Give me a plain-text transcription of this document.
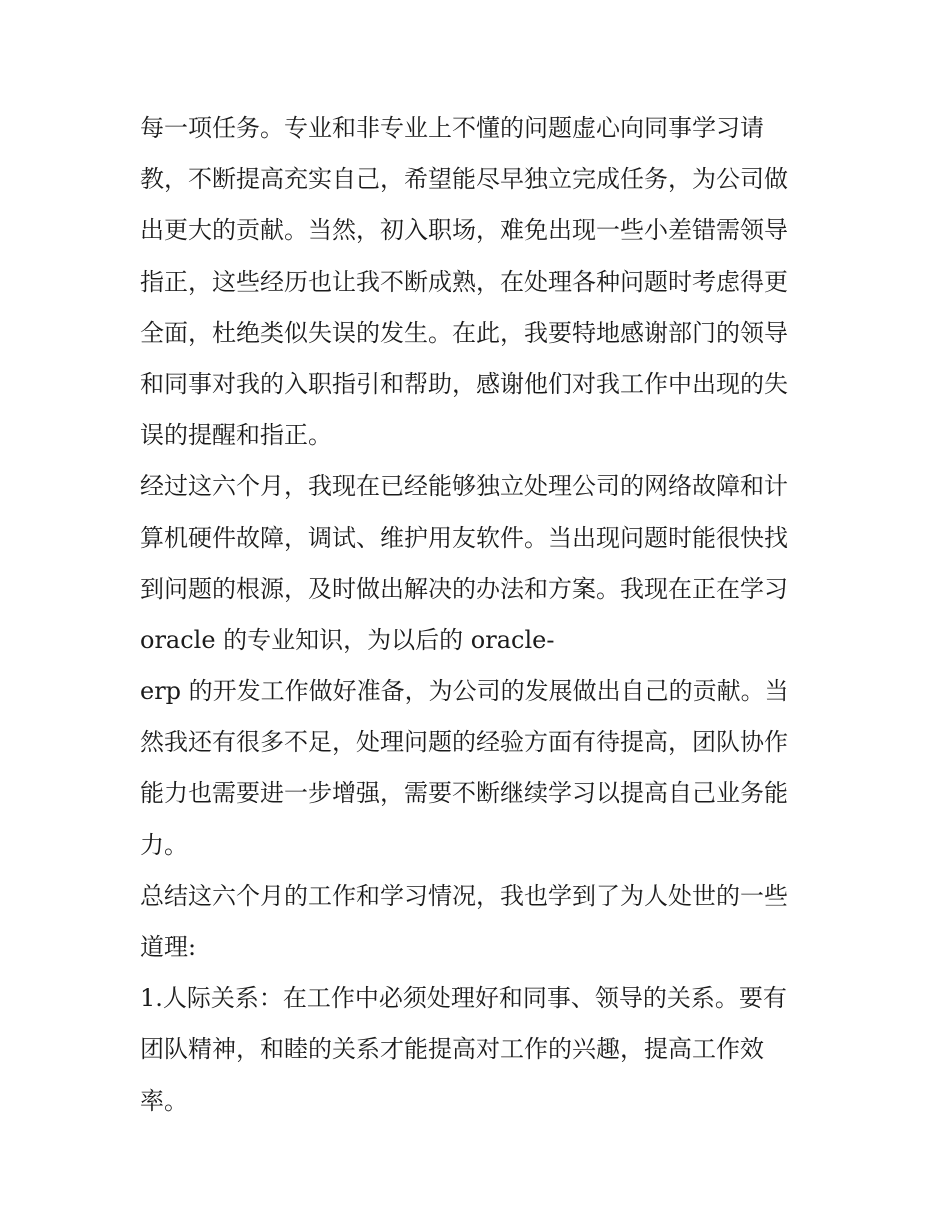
每一项任务。专业和非专业上不懂的问题虚心向同事学习请
教，不断提高充实自己，希望能尽早独立完成任务，为公司做
出更大的贡献。当然，初入职场，难免出现一些小差错需领导
指正，这些经历也让我不断成熟，在处理各种问题时考虑得更
全面，杜绝类似失误的发生。在此，我要特地感谢部门的领导
和同事对我的入职指引和帮助，感谢他们对我工作中出现的失
误的提醒和指正。
经过这六个月，我现在已经能够独立处理公司的网络故障和计
算机硬件故障，调试、维护用友软件。当出现问题时能很快找
到问题的根源，及时做出解决的办法和方案。我现在正在学习
oracle 的专业知识，为以后的 oracle-
erp 的开发工作做好准备，为公司的发展做出自己的贡献。当
然我还有很多不足，处理问题的经验方面有待提高，团队协作
能力也需要进一步增强，需要不断继续学习以提高自己业务能
力。
总结这六个月的工作和学习情况，我也学到了为人处世的一些
道理:
1.人际关系：在工作中必须处理好和同事、领导的关系。要有
团队精神，和睦的关系才能提高对工作的兴趣，提高工作效
率。
